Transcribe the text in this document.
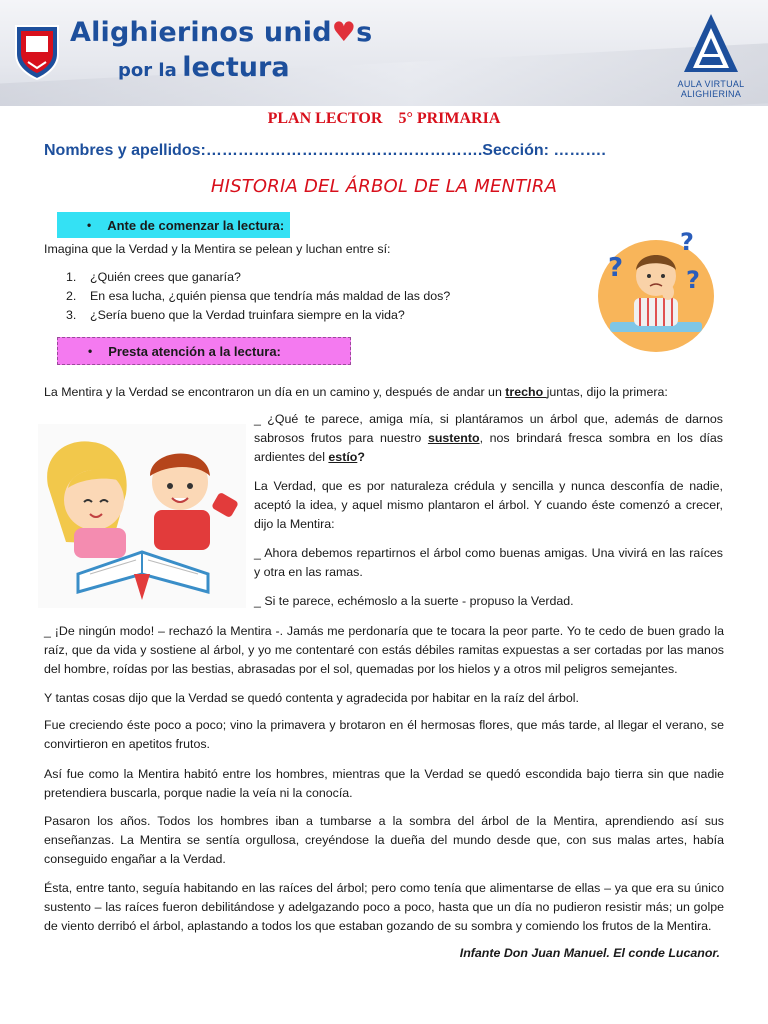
Alighierinos unid♥s
por la lectura
AULA VIRTUAL
ALIGHIERINA
PLAN LECTOR 5° PRIMARIA
Nombres y apellidos:…………………………………………….Sección: ……….
HISTORIA DEL ÁRBOL DE LA MENTIRA
• Ante de comenzar la lectura:
Imagina que la Verdad y la Mentira se pelean y luchan entre sí:
1.	¿Quién crees que ganaría?
2.	En esa lucha, ¿quién piensa que tendría más maldad de las dos?
3.	¿Sería bueno que la Verdad truinfara siempre en la vida?
?
?
?
• Presta atención a la lectura:
La Mentira y la Verdad se encontraron un día en un camino y, después de andar un trecho juntas, dijo la primera:
_ ¿Qué te parece, amiga mía, si plantáramos un árbol que, además de darnos sabrosos frutos para nuestro sustento, nos brindará fresca sombra en los días ardientes del estío?
La Verdad, que es por naturaleza crédula y sencilla y nunca desconfía de nadie, aceptó la idea, y aquel mismo plantaron el árbol. Y cuando éste comenzó a crecer, dijo la Mentira:
_ Ahora debemos repartirnos el árbol como buenas amigas. Una vivirá en las raíces y otra en las ramas.
_ Si te parece, echémoslo a la suerte - propuso la Verdad.
_ ¡De ningún modo! – rechazó la Mentira -. Jamás me perdonaría que te tocara la peor parte. Yo te cedo de buen grado la raíz, que da vida y sostiene al árbol, y yo me contentaré con estás débiles ramitas expuestas a ser cortadas por las manos del hombre, roídas por las bestias, abrasadas por el sol, quemadas por los hielos y a otros mil peligros semejantes.
Y tantas cosas dijo que la Verdad se quedó contenta y agradecida por habitar en la raíz del árbol.
Fue creciendo éste poco a poco; vino la primavera y brotaron en él hermosas flores, que más tarde, al llegar el verano, se convirtieron en apetitos frutos.
Así fue como la Mentira habitó entre los hombres, mientras que la Verdad se quedó escondida bajo tierra sin que nadie pretendiera buscarla, porque nadie la veía ni la conocía.
Pasaron los años. Todos los hombres iban a tumbarse a la sombra del árbol de la Mentira, aprendiendo así sus enseñanzas. La Mentira se sentía orgullosa, creyéndose la dueña del mundo desde que, con sus malas artes, había conseguido engañar a la Verdad.
Ésta, entre tanto, seguía habitando en las raíces del árbol; pero como tenía que alimentarse de ellas – ya que era su único sustento – las raíces fueron debilitándose y adelgazando poco a poco, hasta que un día no pudieron resistir más; un golpe de viento derribó el árbol, aplastando a todos los que estaban gozando de su sombra y comiendo los frutos de la Mentira.
Infante Don Juan Manuel. El conde Lucanor.
